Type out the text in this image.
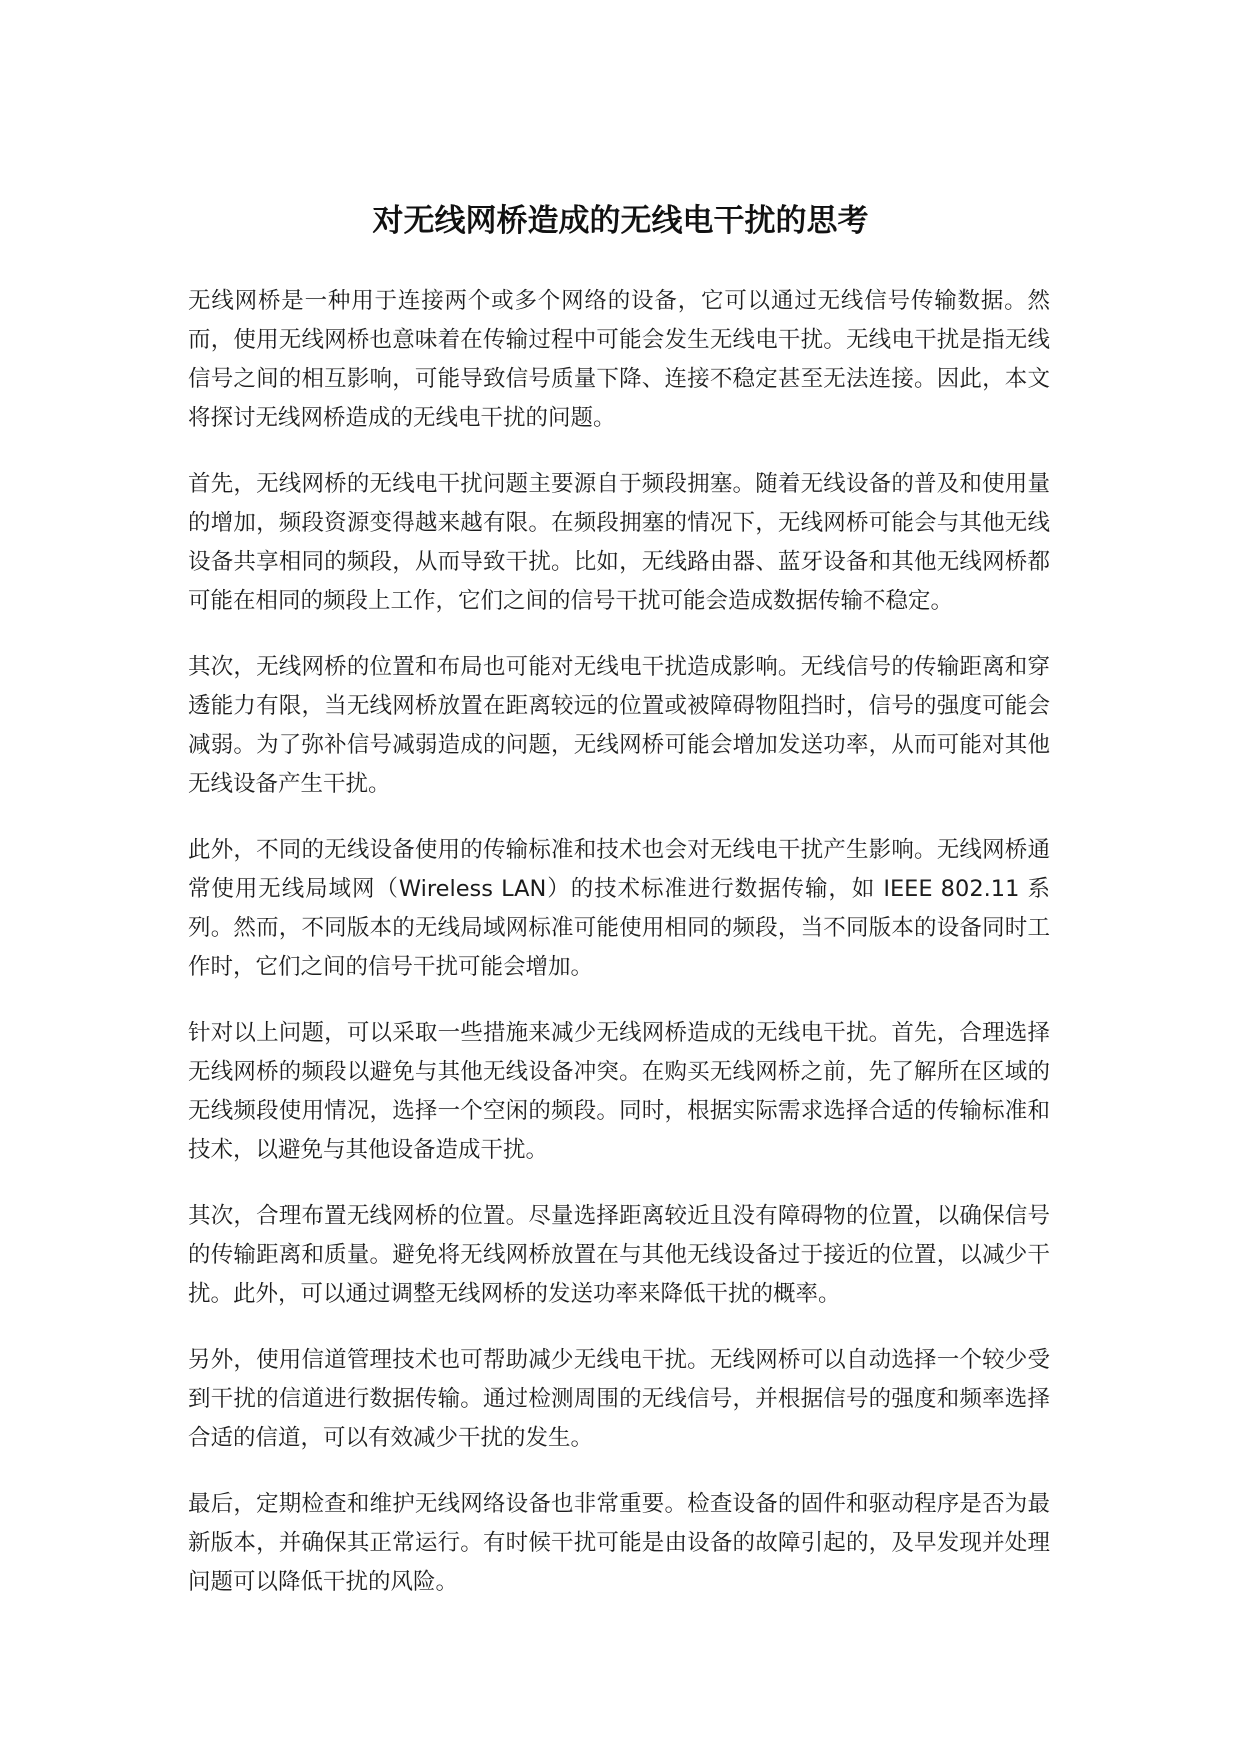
对无线网桥造成的无线电干扰的思考

无线网桥是一种用于连接两个或多个网络的设备，它可以通过无线信号传输数据。然而，使用无线网桥也意味着在传输过程中可能会发生无线电干扰。无线电干扰是指无线信号之间的相互影响，可能导致信号质量下降、连接不稳定甚至无法连接。因此，本文将探讨无线网桥造成的无线电干扰的问题。

首先，无线网桥的无线电干扰问题主要源自于频段拥塞。随着无线设备的普及和使用量的增加，频段资源变得越来越有限。在频段拥塞的情况下，无线网桥可能会与其他无线设备共享相同的频段，从而导致干扰。比如，无线路由器、蓝牙设备和其他无线网桥都可能在相同的频段上工作，它们之间的信号干扰可能会造成数据传输不稳定。

其次，无线网桥的位置和布局也可能对无线电干扰造成影响。无线信号的传输距离和穿透能力有限，当无线网桥放置在距离较远的位置或被障碍物阻挡时，信号的强度可能会减弱。为了弥补信号减弱造成的问题，无线网桥可能会增加发送功率，从而可能对其他无线设备产生干扰。

此外，不同的无线设备使用的传输标准和技术也会对无线电干扰产生影响。无线网桥通常使用无线局域网（Wireless LAN）的技术标准进行数据传输，如 IEEE 802.11 系列。然而，不同版本的无线局域网标准可能使用相同的频段，当不同版本的设备同时工作时，它们之间的信号干扰可能会增加。

针对以上问题，可以采取一些措施来减少无线网桥造成的无线电干扰。首先，合理选择无线网桥的频段以避免与其他无线设备冲突。在购买无线网桥之前，先了解所在区域的无线频段使用情况，选择一个空闲的频段。同时，根据实际需求选择合适的传输标准和技术，以避免与其他设备造成干扰。

其次，合理布置无线网桥的位置。尽量选择距离较近且没有障碍物的位置，以确保信号的传输距离和质量。避免将无线网桥放置在与其他无线设备过于接近的位置，以减少干扰。此外，可以通过调整无线网桥的发送功率来降低干扰的概率。

另外，使用信道管理技术也可帮助减少无线电干扰。无线网桥可以自动选择一个较少受到干扰的信道进行数据传输。通过检测周围的无线信号，并根据信号的强度和频率选择合适的信道，可以有效减少干扰的发生。

最后，定期检查和维护无线网络设备也非常重要。检查设备的固件和驱动程序是否为最新版本，并确保其正常运行。有时候干扰可能是由设备的故障引起的，及早发现并处理问题可以降低干扰的风险。
